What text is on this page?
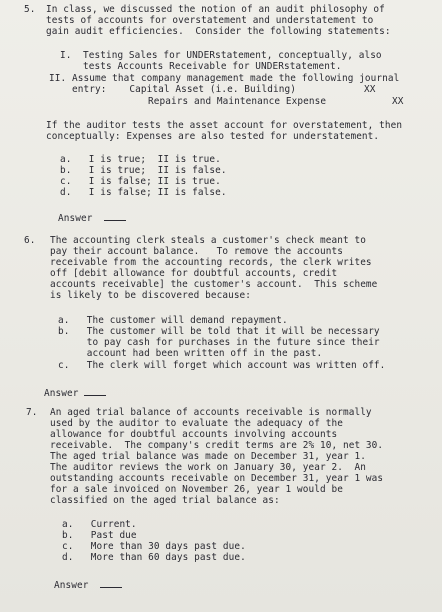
5. In class, we discussed the notion of an audit philosophy of
tests of accounts for overstatement and understatement to
gain audit efficiencies.  Consider the following statements:
I.  Testing Sales for UNDERstatement, conceptually, also
tests Accounts Receivable for UNDERstatement.
II. Assume that company management made the following journal
entry:    Capital Asset (i.e. Building)	XX
Repairs and Maintenance Expense	XX
If the auditor tests the asset account for overstatement, then
conceptually: Expenses are also tested for understatement.
a.   I is true;  II is true.
b.   I is true;  II is false.
c.   I is false; II is true.
d.   I is false; II is false.
Answer
6. The accounting clerk steals a customer's check meant to
pay their account balance.   To remove the accounts
receivable from the accounting records, the clerk writes
off [debit allowance for doubtful accounts, credit
accounts receivable] the customer's account.  This scheme
is likely to be discovered because:
a.   The customer will demand repayment.
b.   The customer will be told that it will be necessary
to pay cash for purchases in the future since their
account had been written off in the past.
c.   The clerk will forget which account was written off.
Answer
7. An aged trial balance of accounts receivable is normally
used by the auditor to evaluate the adequacy of the
allowance for doubtful accounts involving accounts
receivable.  The company's credit terms are 2% 10, net 30.
The aged trial balance was made on December 31, year 1.
The auditor reviews the work on January 30, year 2.  An
outstanding accounts receivable on December 31, year 1 was
for a sale invoiced on November 26, year 1 would be
classified on the aged trial balance as:
a.   Current.
b.   Past due
c.   More than 30 days past due.
d.   More than 60 days past due.
Answer
